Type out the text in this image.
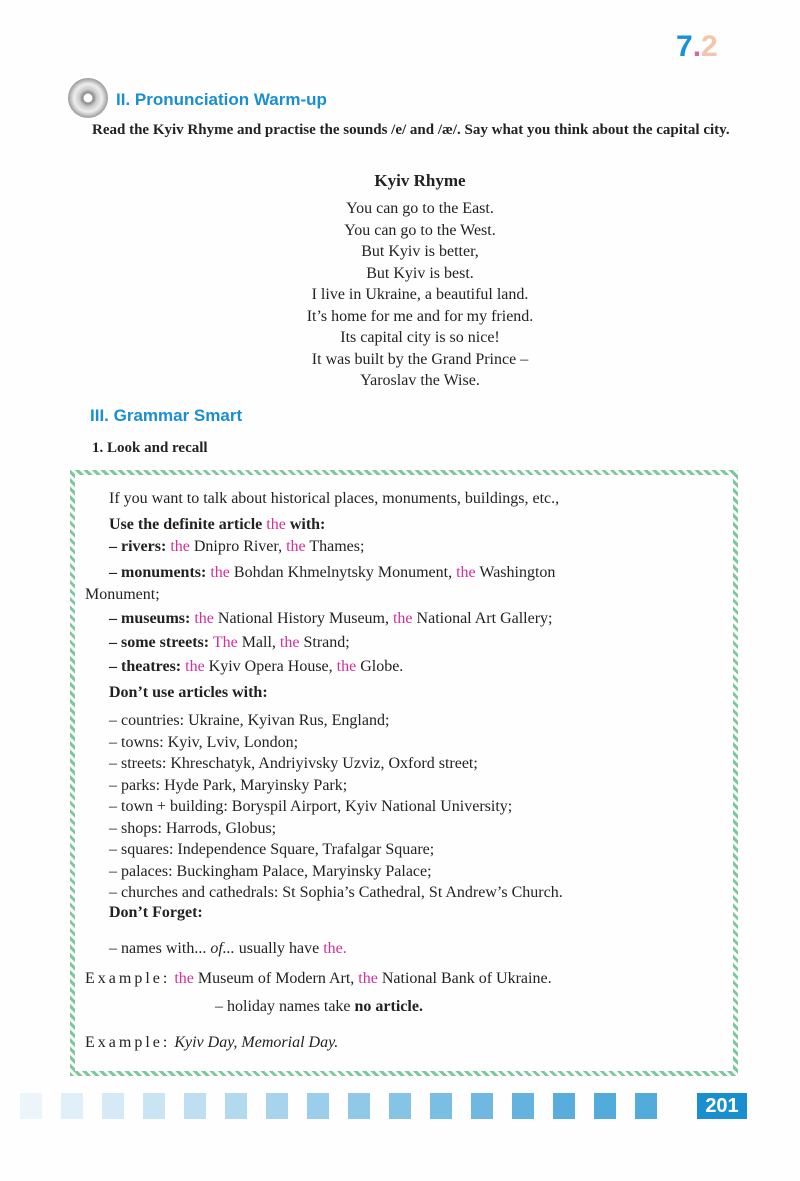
7.2
II. Pronunciation Warm-up
Read the Kyiv Rhyme and practise the sounds /e/ and /æ/. Say what you think about the capital city.
Kyiv Rhyme
You can go to the East.
You can go to the West.
But Kyiv is better,
But Kyiv is best.
I live in Ukraine, a beautiful land.
It’s home for me and for my friend.
Its capital city is so nice!
It was built by the Grand Prince –
Yaroslav the Wise.
III. Grammar Smart
1. Look and recall
If you want to talk about historical places, monuments, buildings, etc.,
Use the definite article the with:
– rivers: the Dnipro River, the Thames;
– monuments: the Bohdan Khmelnytsky Monument, the Washington
– museums: the National History Museum, the National Art Gallery;
– some streets: The Mall, the Strand;
– theatres: the Kyiv Opera House, the Globe.
Monument;
Don’t use articles with:
– countries: Ukraine, Kyivan Rus, England;
– towns: Kyiv, Lviv, London;
– streets: Khreschatyk, Andriyivsky Uzviz, Oxford street;
– parks: Hyde Park, Maryinsky Park;
– town + building: Boryspil Airport, Kyiv National University;
– shops: Harrods, Globus;
– squares: Independence Square, Trafalgar Square;
– palaces: Buckingham Palace, Maryinsky Palace;
– churches and cathedrals: St Sophia’s Cathedral, St Andrew’s Church.
Don’t Forget:
– names with... of... usually have the.
Example: the Museum of Modern Art, the National Bank of Ukraine.
– holiday names take no article.
Example: Kyiv Day, Memorial Day.
201
